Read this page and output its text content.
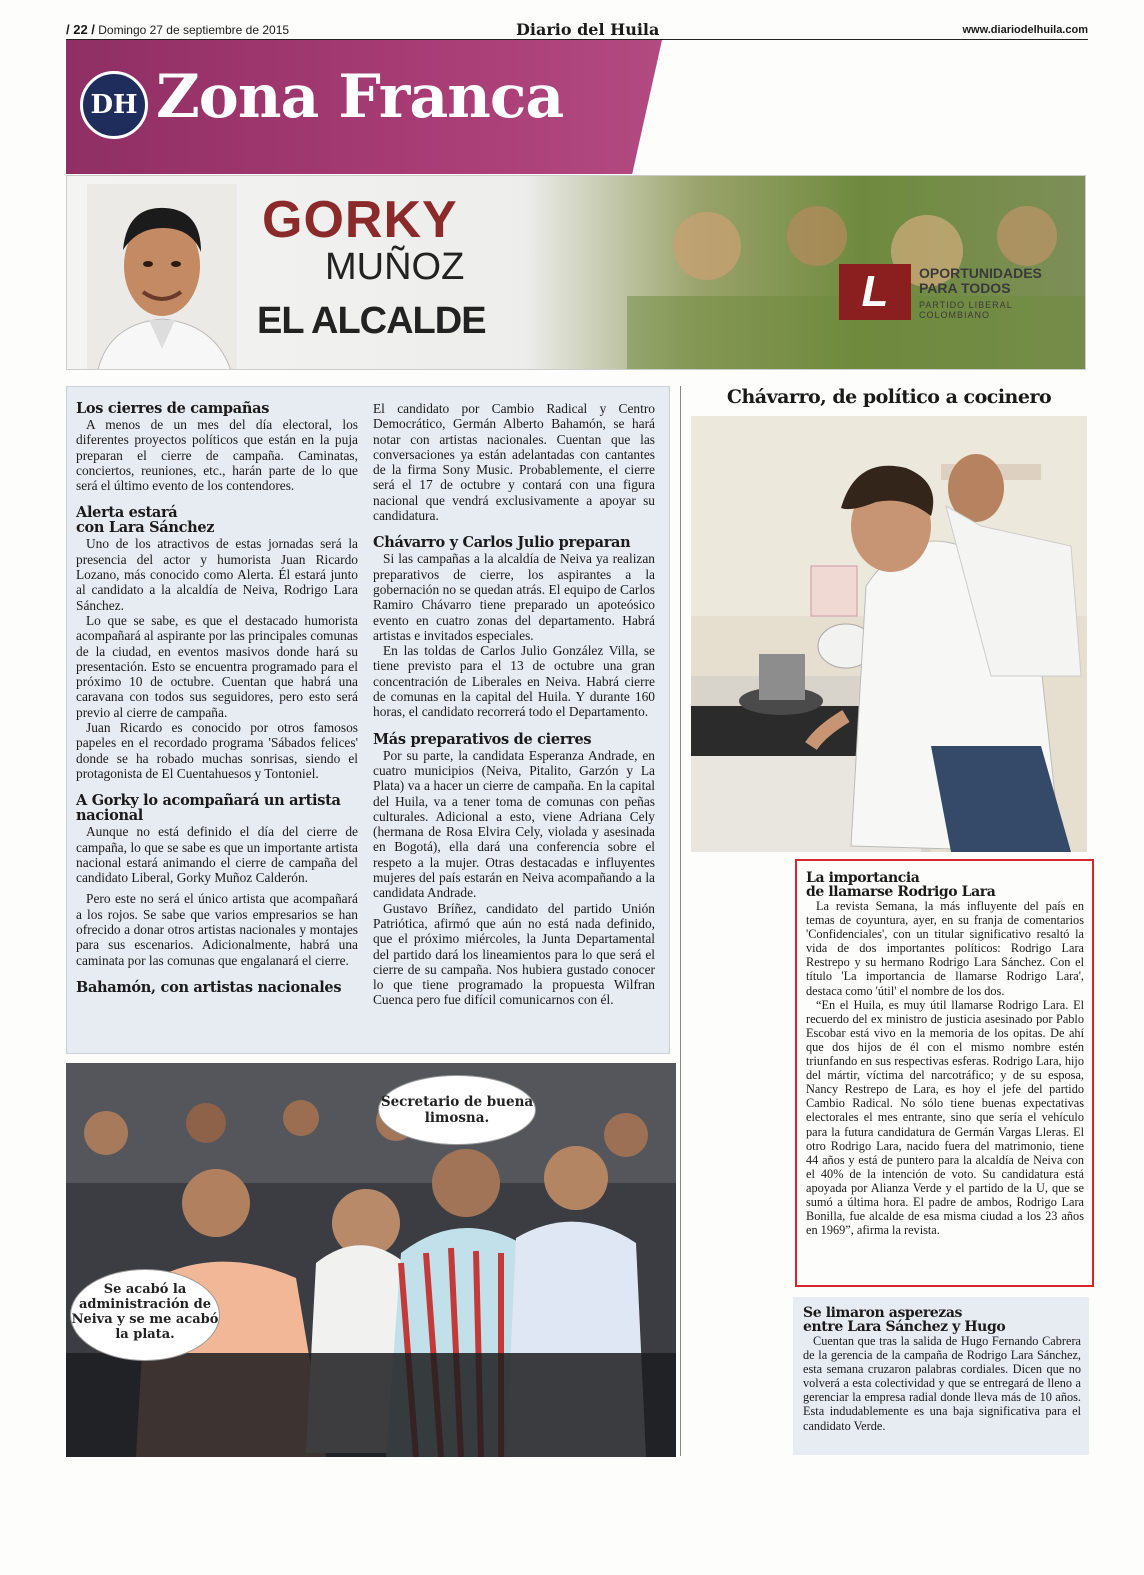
/ 22 / Domingo 27 de septiembre de 2015	Diario del Huila	www.diariodelhuila.com
DH Zona Franca
GORKY
MUÑOZ
EL ALCALDE
L	OPORTUNIDADES
PARA TODOS
PARTIDO LIBERAL COLOMBIANO
Los cierres de campañas

A menos de un mes del día electoral, los diferentes proyectos políticos que están en la puja preparan el cierre de campaña. Caminatas, conciertos, reuniones, etc., harán parte de lo que será el último evento de los contendores.

Alerta estará
con Lara Sánchez

Uno de los atractivos de estas jornadas será la presencia del actor y humorista Juan Ricardo Lozano, más conocido como Alerta. Él estará junto al candidato a la alcaldía de Neiva, Rodrigo Lara Sánchez.

Lo que se sabe, es que el destacado humorista acompañará al aspirante por las principales comunas de la ciudad, en eventos masivos donde hará su presentación. Esto se encuentra programado para el próximo 10 de octubre. Cuentan que habrá una caravana con todos sus seguidores, pero esto será previo al cierre de campaña.

Juan Ricardo es conocido por otros famosos papeles en el recordado programa 'Sábados felices' donde se ha robado muchas sonrisas, siendo el protagonista de El Cuentahuesos y Tontoniel.

A Gorky lo acompañará un artista
nacional

Aunque no está definido el día del cierre de campaña, lo que se sabe es que un importante artista nacional estará animando el cierre de campaña del candidato Liberal, Gorky Muñoz Calderón.

Pero este no será el único artista que acompañará a los rojos. Se sabe que varios empresarios se han ofrecido a donar otros artistas nacionales y montajes para sus escenarios. Adicionalmente, habrá una caminata por las comunas que engalanará el cierre.

Bahamón, con artistas nacionales

El candidato por Cambio Radical y Centro Democrático, Germán Alberto Bahamón, se hará notar con artistas nacionales. Cuentan que las conversaciones ya están adelantadas con cantantes de la firma Sony Music. Probablemente, el cierre será el 17 de octubre y contará con una figura nacional que vendrá exclusivamente a apoyar su candidatura.

Chávarro y Carlos Julio preparan

Si las campañas a la alcaldía de Neiva ya realizan preparativos de cierre, los aspirantes a la gobernación no se quedan atrás. El equipo de Carlos Ramiro Chávarro tiene preparado un apoteósico evento en cuatro zonas del departamento. Habrá artistas e invitados especiales.

En las toldas de Carlos Julio González Villa, se tiene previsto para el 13 de octubre una gran concentración de Liberales en Neiva. Habrá cierre de comunas en la capital del Huila. Y durante 160 horas, el candidato recorrerá todo el Departamento.

Más preparativos de cierres

Por su parte, la candidata Esperanza Andrade, en cuatro municipios (Neiva, Pitalito, Garzón y La Plata) va a hacer un cierre de campaña. En la capital del Huila, va a tener toma de comunas con peñas culturales. Adicional a esto, viene Adriana Cely (hermana de Rosa Elvira Cely, violada y asesinada en Bogotá), ella dará una conferencia sobre el respeto a la mujer. Otras destacadas e influyentes mujeres del país estarán en Neiva acompañando a la candidata Andrade.

Gustavo Bríñez, candidato del partido Unión Patriótica, afirmó que aún no está nada definido, que el próximo miércoles, la Junta Departamental del partido dará los lineamientos para lo que será el cierre de su campaña. Nos hubiera gustado conocer lo que tiene programado la propuesta Wilfran Cuenca pero fue difícil comunicarnos con él.

Chávarro, de político a cocinero
La importancia
de llamarse Rodrigo Lara

La revista Semana, la más influyente del país en temas de coyuntura, ayer, en su franja de comentarios 'Confidenciales', con un titular significativo resaltó la vida de dos importantes políticos: Rodrigo Lara Restrepo y su hermano Rodrigo Lara Sánchez. Con el título 'La importancia de llamarse Rodrigo Lara', destaca como 'útil' el nombre de los dos.

“En el Huila, es muy útil llamarse Rodrigo Lara. El recuerdo del ex ministro de justicia asesinado por Pablo Escobar está vivo en la memoria de los opitas. De ahí que dos hijos de él con el mismo nombre estén triunfando en sus respectivas esferas. Rodrigo Lara, hijo del mártir, víctima del narcotráfico; y de su esposa, Nancy Restrepo de Lara, es hoy el jefe del partido Cambio Radical. No sólo tiene buenas expectativas electorales el mes entrante, sino que sería el vehículo para la futura candidatura de Germán Vargas Lleras. El otro Rodrigo Lara, nacido fuera del matrimonio, tiene 44 años y está de puntero para la alcaldía de Neiva con el 40% de la intención de voto. Su candidatura está apoyada por Alianza Verde y el partido de la U, que se sumó a última hora. El padre de ambos, Rodrigo Lara Bonilla, fue alcalde de esa misma ciudad a los 23 años en 1969”, afirma la revista.

Se limaron asperezas
entre Lara Sánchez y Hugo

Cuentan que tras la salida de Hugo Fernando Cabrera de la gerencia de la campaña de Rodrigo Lara Sánchez, esta semana cruzaron palabras cordiales. Dicen que no volverá a esta colectividad y que se entregará de lleno a gerenciar la empresa radial donde lleva más de 10 años. Esta indudablemente es una baja significativa para el candidato Verde.

Secretario de buena limosna.
Se acabó la administración de Neiva y se me acabó la plata.
